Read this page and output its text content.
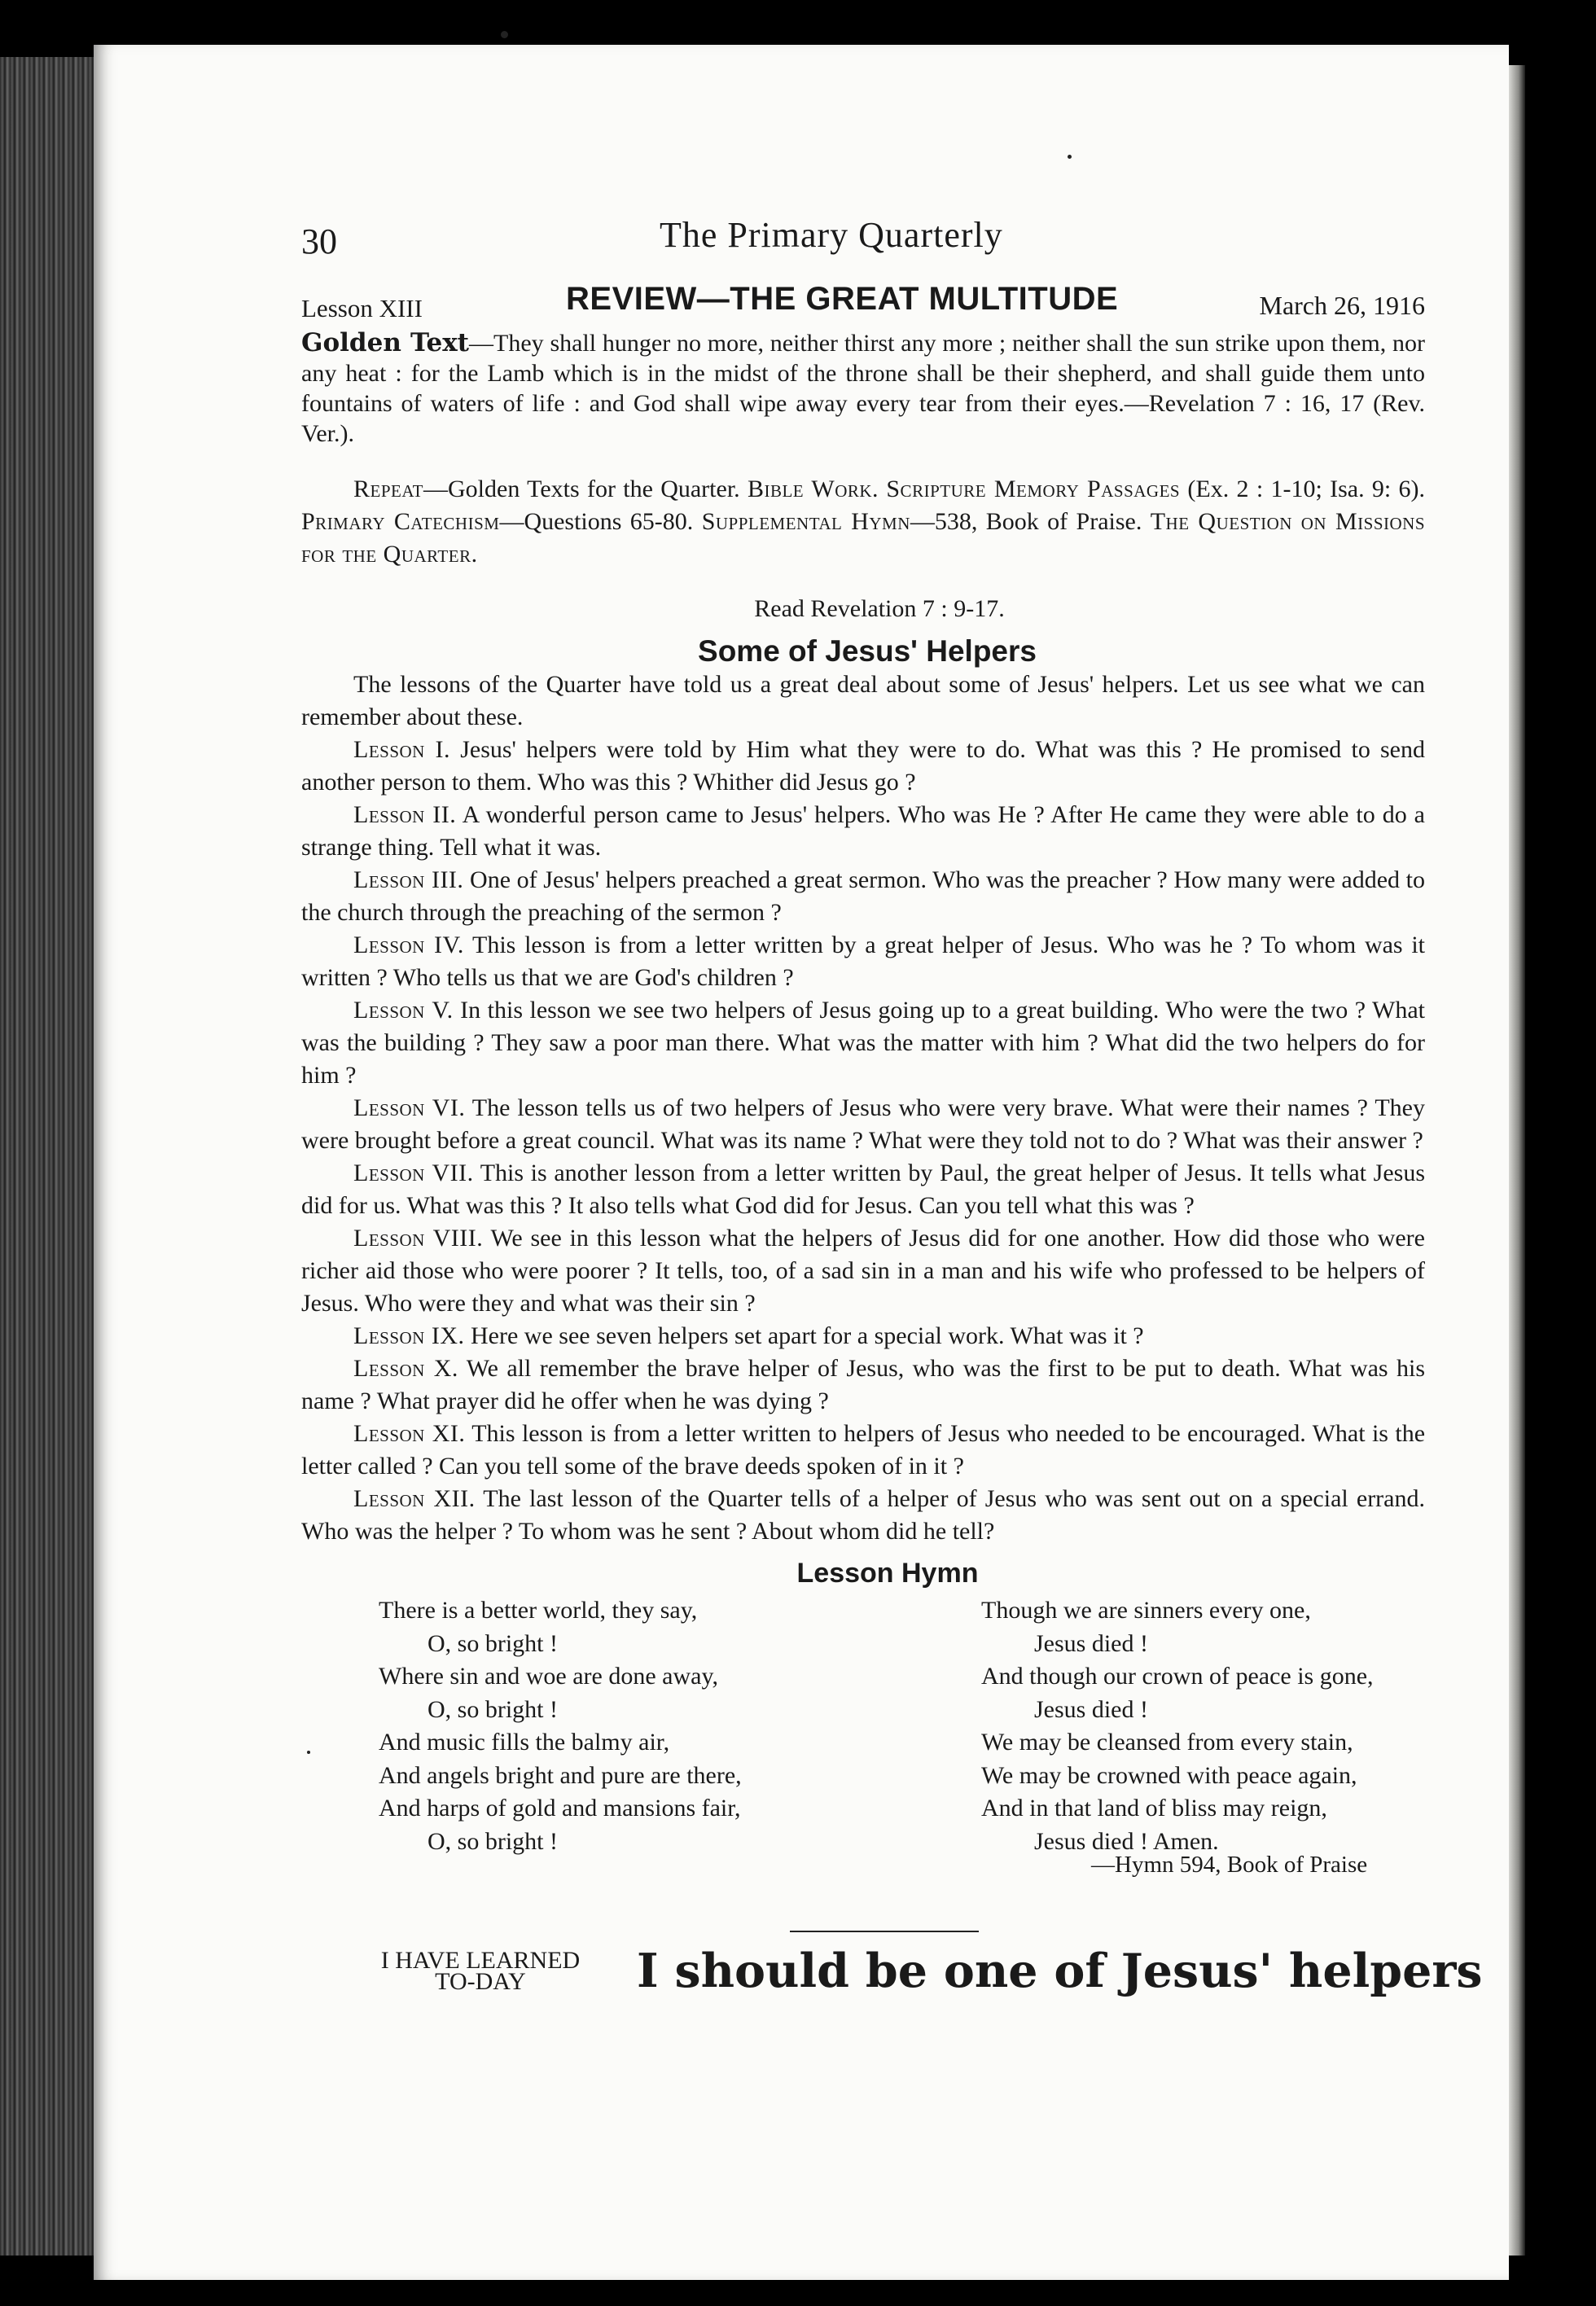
30	The Primary Quarterly
Lesson XIII	REVIEW—THE GREAT MULTITUDE	March 26, 1916

Golden Text—They shall hunger no more, neither thirst any more ; neither shall the sun strike upon them, nor any heat : for the Lamb which is in the midst of the throne shall be their shepherd, and shall guide them unto fountains of waters of life : and God shall wipe away every tear from their eyes.—Revelation 7 : 16, 17 (Rev. Ver.).

Repeat—Golden Texts for the Quarter. Bible Work. Scripture Memory Passages (Ex. 2 : 1-10; Isa. 9: 6). Primary Catechism—Questions 65-80. Supplemental Hymn—538, Book of Praise. The Question on Missions for the Quarter.

Read Revelation 7 : 9-17.
Some of Jesus' Helpers

The lessons of the Quarter have told us a great deal about some of Jesus' helpers. Let us see what we can remember about these.

Lesson I. Jesus' helpers were told by Him what they were to do. What was this ? He promised to send another person to them. Who was this ? Whither did Jesus go ?

Lesson II. A wonderful person came to Jesus' helpers. Who was He ? After He came they were able to do a strange thing. Tell what it was.

Lesson III. One of Jesus' helpers preached a great sermon. Who was the preacher ? How many were added to the church through the preaching of the sermon ?

Lesson IV. This lesson is from a letter written by a great helper of Jesus. Who was he ? To whom was it written ? Who tells us that we are God's children ?

Lesson V. In this lesson we see two helpers of Jesus going up to a great building. Who were the two ? What was the building ? They saw a poor man there. What was the matter with him ? What did the two helpers do for him ?

Lesson VI. The lesson tells us of two helpers of Jesus who were very brave. What were their names ? They were brought before a great council. What was its name ? What were they told not to do ? What was their answer ?

Lesson VII. This is another lesson from a letter written by Paul, the great helper of Jesus. It tells what Jesus did for us. What was this ? It also tells what God did for Jesus. Can you tell what this was ?

Lesson VIII. We see in this lesson what the helpers of Jesus did for one another. How did those who were richer aid those who were poorer ? It tells, too, of a sad sin in a man and his wife who professed to be helpers of Jesus. Who were they and what was their sin ?

Lesson IX. Here we see seven helpers set apart for a special work. What was it ?

Lesson X. We all remember the brave helper of Jesus, who was the first to be put to death. What was his name ? What prayer did he offer when he was dying ?

Lesson XI. This lesson is from a letter written to helpers of Jesus who needed to be encouraged. What is the letter called ? Can you tell some of the brave deeds spoken of in it ?

Lesson XII. The last lesson of the Quarter tells of a helper of Jesus who was sent out on a special errand. Who was the helper ? To whom was he sent ? About whom did he tell?

Lesson Hymn
There is a better world, they say,
O, so bright !
Where sin and woe are done away,
O, so bright !
And music fills the balmy air,
And angels bright and pure are there,
And harps of gold and mansions fair,
O, so bright !
Though we are sinners every one,
Jesus died !
And though our crown of peace is gone,
Jesus died !
We may be cleansed from every stain,
We may be crowned with peace again,
And in that land of bliss may reign,
Jesus died ! Amen.
—Hymn 594, Book of Praise
I HAVE LEARNED
TO-DAY	I should be one of Jesus' helpers
